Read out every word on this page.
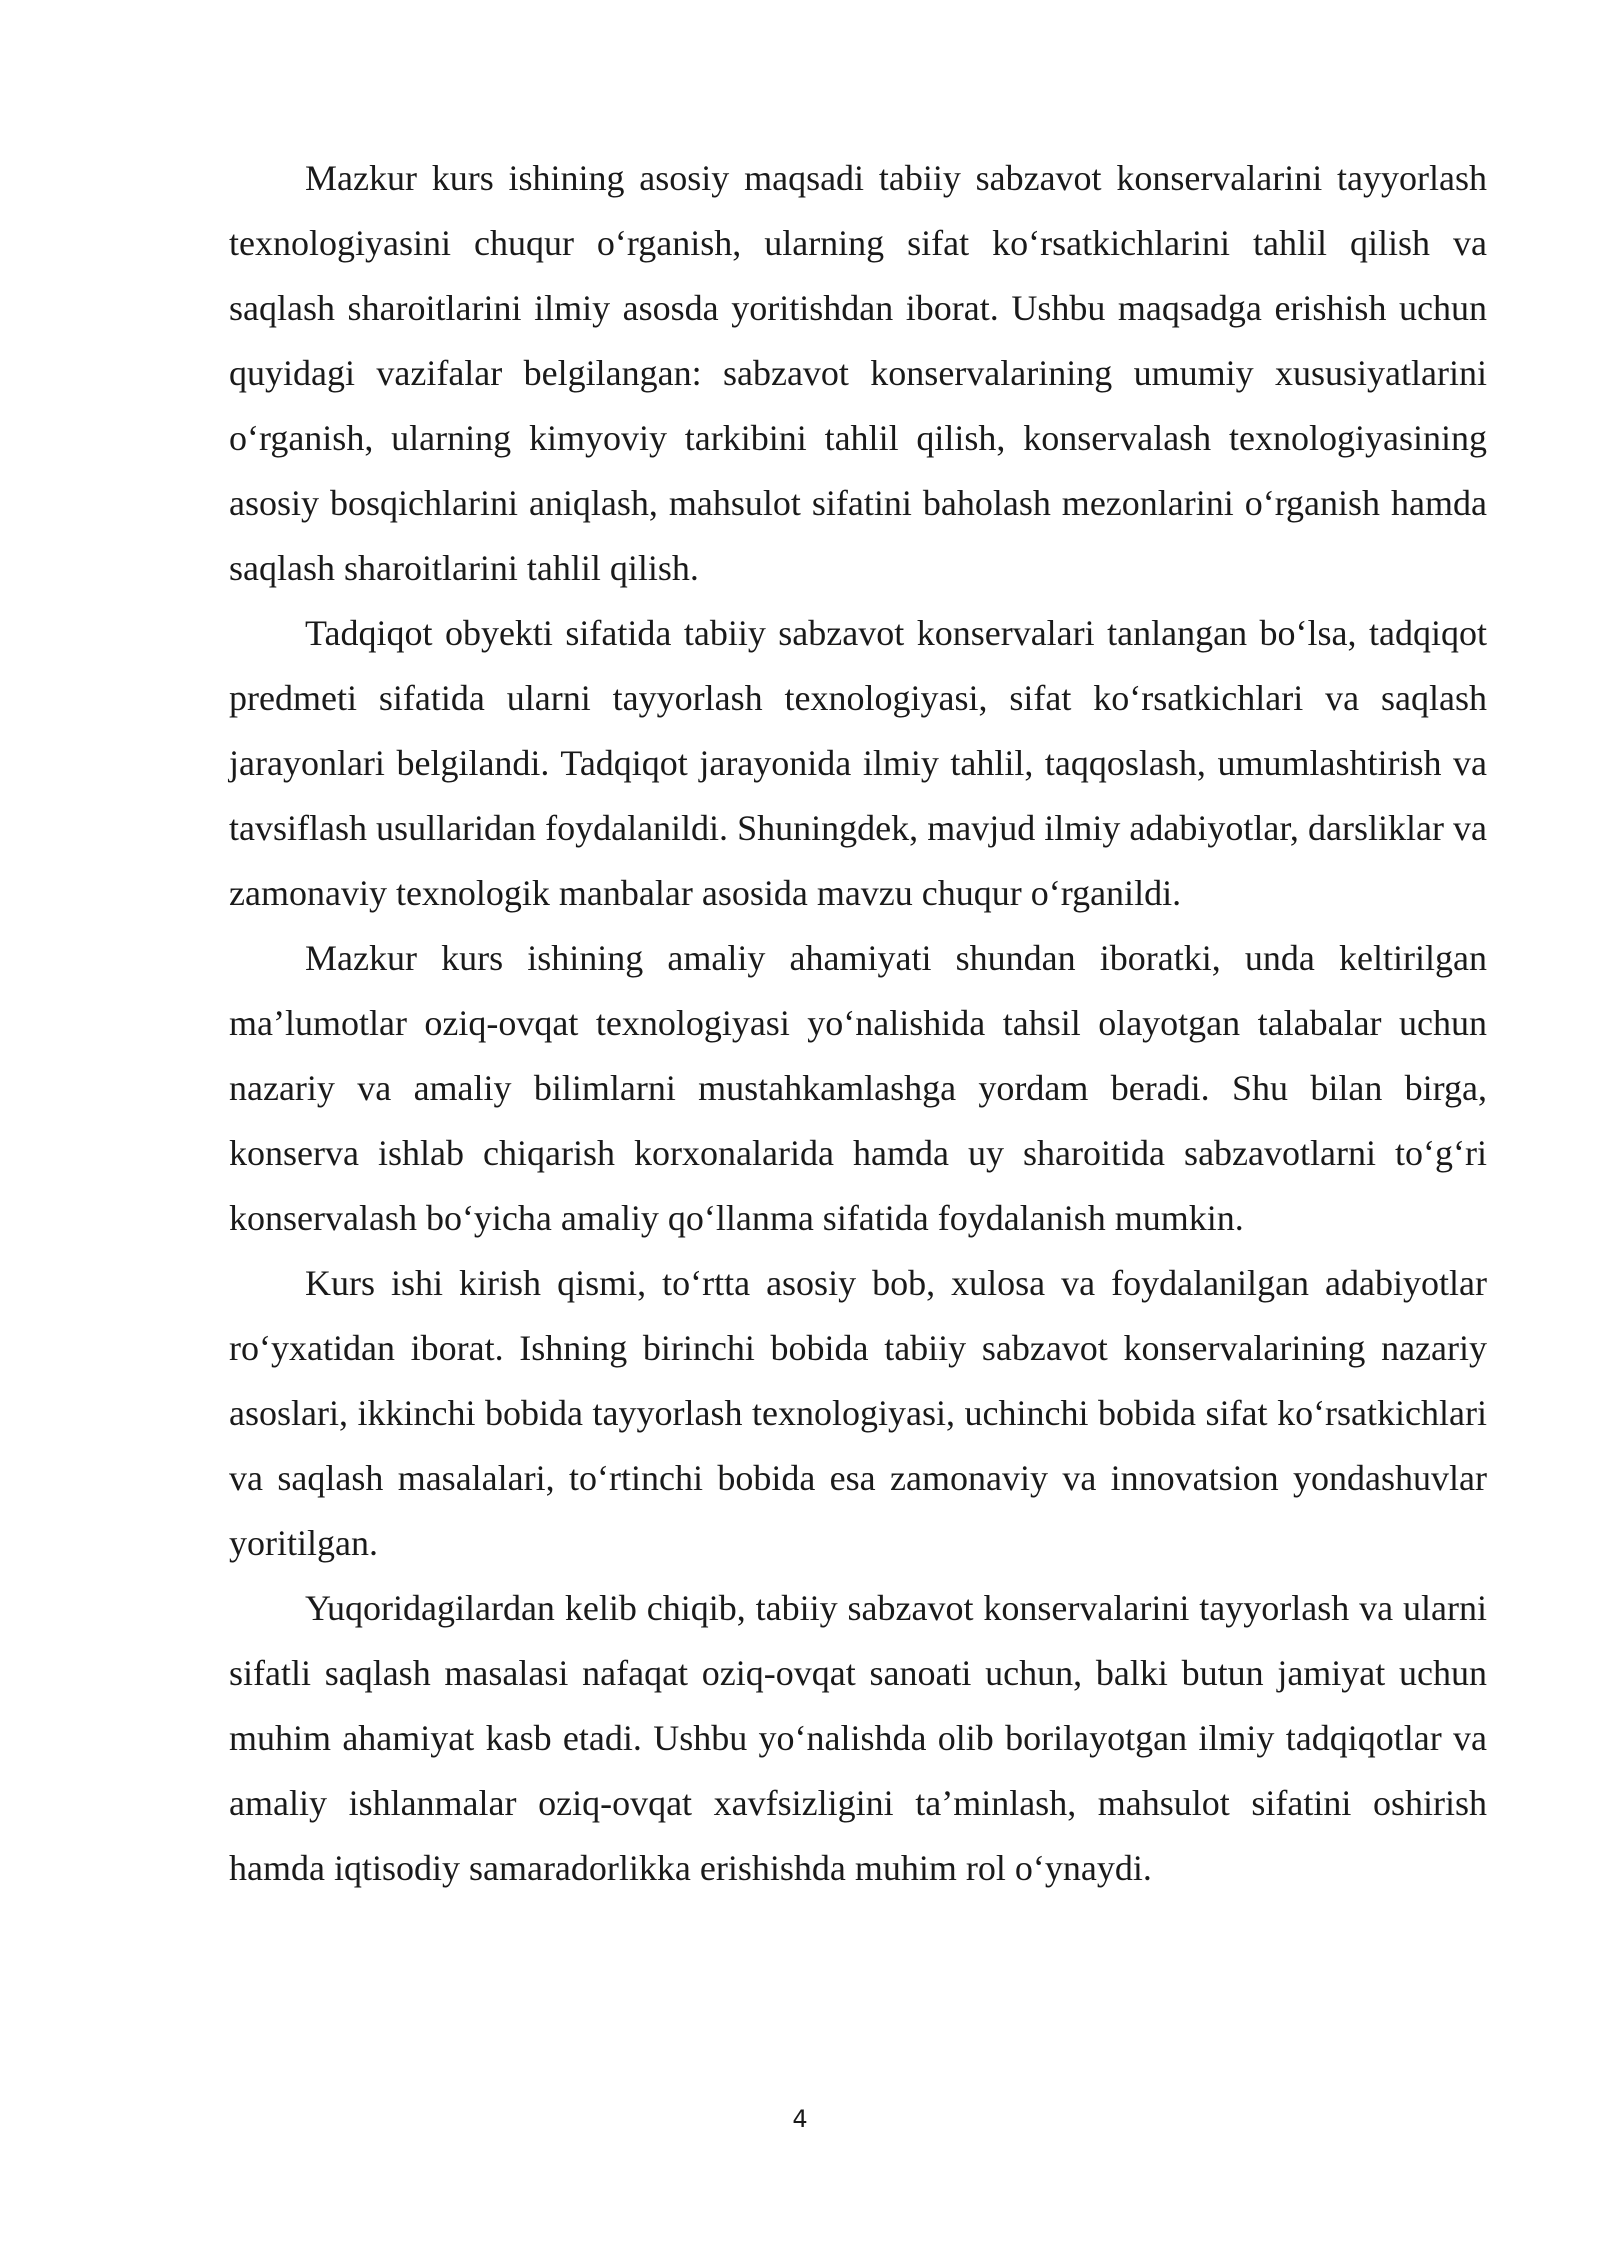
Mazkur kurs ishining asosiy maqsadi tabiiy sabzavot konservalarini tayyorlash texnologiyasini chuqur o‘rganish, ularning sifat ko‘rsatkichlarini tahlil qilish va saqlash sharoitlarini ilmiy asosda yoritishdan iborat. Ushbu maqsadga erishish uchun quyidagi vazifalar belgilangan: sabzavot konservalarining umumiy xususiyatlarini o‘rganish, ularning kimyoviy tarkibini tahlil qilish, konservalash texnologiyasining asosiy bosqichlarini aniqlash, mahsulot sifatini baholash mezonlarini o‘rganish hamda saqlash sharoitlarini tahlil qilish.

Tadqiqot obyekti sifatida tabiiy sabzavot konservalari tanlangan bo‘lsa, tadqiqot predmeti sifatida ularni tayyorlash texnologiyasi, sifat ko‘rsatkichlari va saqlash jarayonlari belgilandi. Tadqiqot jarayonida ilmiy tahlil, taqqoslash, umumlashtirish va tavsiflash usullaridan foydalanildi. Shuningdek, mavjud ilmiy adabiyotlar, darsliklar va zamonaviy texnologik manbalar asosida mavzu chuqur o‘rganildi.

Mazkur kurs ishining amaliy ahamiyati shundan iboratki, unda keltirilgan ma’lumotlar oziq-ovqat texnologiyasi yo‘nalishida tahsil olayotgan talabalar uchun nazariy va amaliy bilimlarni mustahkamlashga yordam beradi. Shu bilan birga, konserva ishlab chiqarish korxonalarida hamda uy sharoitida sabzavotlarni to‘g‘ri konservalash bo‘yicha amaliy qo‘llanma sifatida foydalanish mumkin.

Kurs ishi kirish qismi, to‘rtta asosiy bob, xulosa va foydalanilgan adabiyotlar ro‘yxatidan iborat. Ishning birinchi bobida tabiiy sabzavot konservalarining nazariy asoslari, ikkinchi bobida tayyorlash texnologiyasi, uchinchi bobida sifat ko‘rsatkichlari va saqlash masalalari, to‘rtinchi bobida esa zamonaviy va innovatsion yondashuvlar yoritilgan.

Yuqoridagilardan kelib chiqib, tabiiy sabzavot konservalarini tayyorlash va ularni sifatli saqlash masalasi nafaqat oziq-ovqat sanoati uchun, balki butun jamiyat uchun muhim ahamiyat kasb etadi. Ushbu yo‘nalishda olib borilayotgan ilmiy tadqiqotlar va amaliy ishlanmalar oziq-ovqat xavfsizligini ta’minlash, mahsulot sifatini oshirish hamda iqtisodiy samaradorlikka erishishda muhim rol o‘ynaydi.

4
